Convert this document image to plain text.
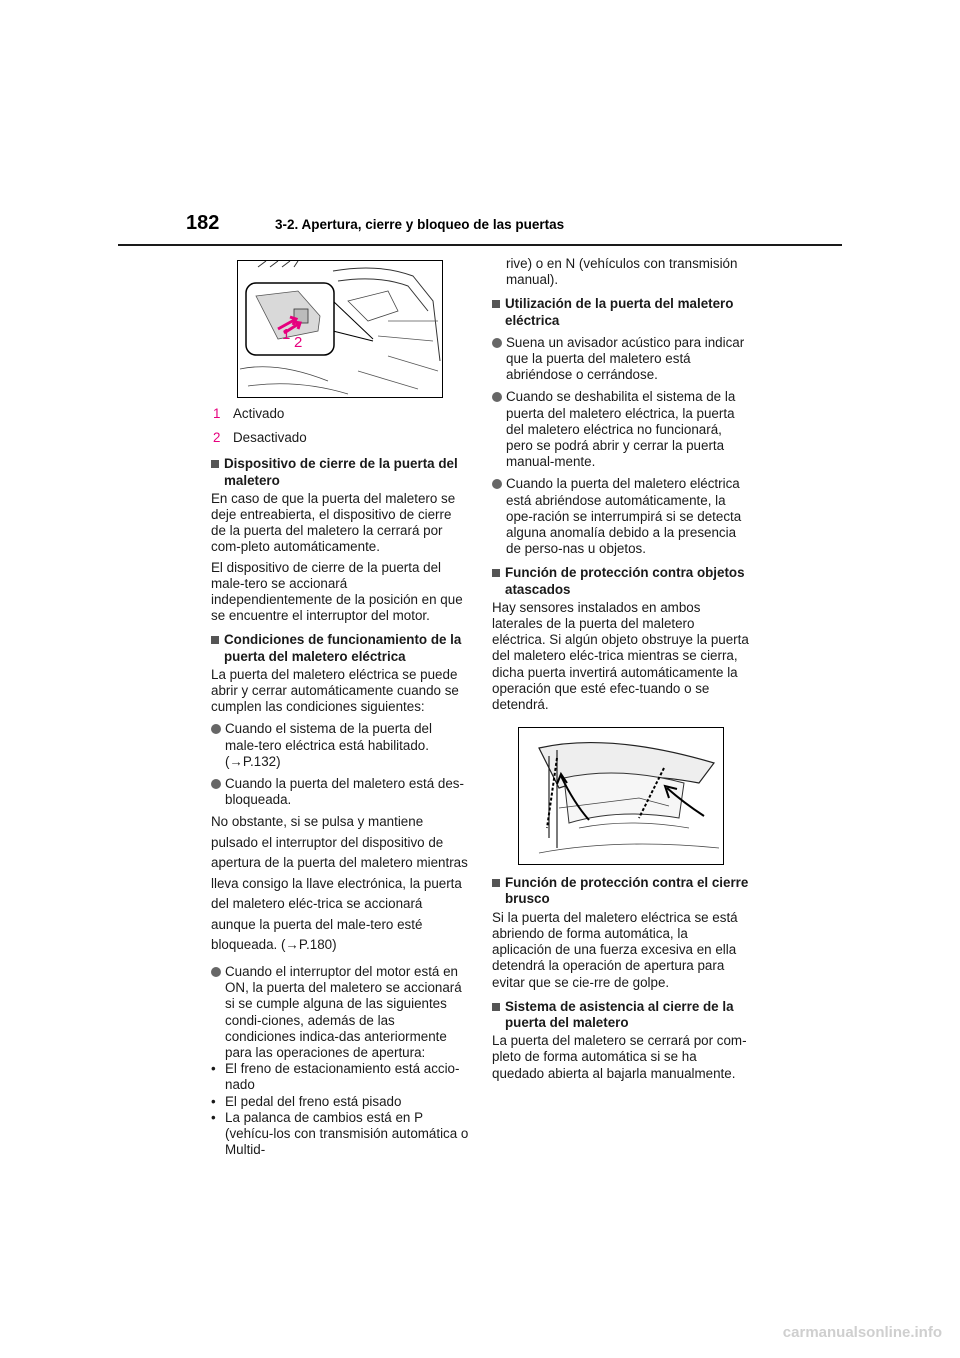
182	3-2. Apertura, cierre y bloqueo de las puertas
1 2
1 Activado
2 Desactivado
Dispositivo de cierre de la puerta del maletero
En caso de que la puerta del maletero se deje entreabierta, el dispositivo de cierre de la puerta del maletero la cerrará por com-pleto automáticamente.
El dispositivo de cierre de la puerta del male-tero se accionará independientemente de la posición en que se encuentre el interruptor del motor.
Condiciones de funcionamiento de la puerta del maletero eléctrica
La puerta del maletero eléctrica se puede abrir y cerrar automáticamente cuando se cumplen las condiciones siguientes:
Cuando el sistema de la puerta del male-tero eléctrica está habilitado. (→P.132)
Cuando la puerta del maletero está des-bloqueada.
No obstante, si se pulsa y mantiene pulsado el interruptor del dispositivo de apertura de la puerta del maletero mientras lleva consigo la llave electrónica, la puerta del maletero eléc-trica se accionará aunque la puerta del male-tero esté bloqueada. (→P.180)
Cuando el interruptor del motor está en ON, la puerta del maletero se accionará si se cumple alguna de las siguientes condi-ciones, además de las condiciones indica-das anteriormente para las operaciones de apertura:
• El freno de estacionamiento está accio-nado
• El pedal del freno está pisado
• La palanca de cambios está en P (vehícu-los con transmisión automática o Multid-
rive) o en N (vehículos con transmisión manual).
Utilización de la puerta del maletero eléctrica
Suena un avisador acústico para indicar que la puerta del maletero está abriéndose o cerrándose.
Cuando se deshabilita el sistema de la puerta del maletero eléctrica, la puerta del maletero eléctrica no funcionará, pero se podrá abrir y cerrar la puerta manual-mente.
Cuando la puerta del maletero eléctrica está abriéndose automáticamente, la ope-ración se interrumpirá si se detecta alguna anomalía debido a la presencia de perso-nas u objetos.
Función de protección contra objetos atascados
Hay sensores instalados en ambos laterales de la puerta del maletero eléctrica. Si algún objeto obstruye la puerta del maletero eléc-trica mientras se cierra, dicha puerta invertirá automáticamente la operación que esté efec-tuando o se detendrá.
Función de protección contra el cierre brusco
Si la puerta del maletero eléctrica se está abriendo de forma automática, la aplicación de una fuerza excesiva en ella detendrá la operación de apertura para evitar que se cie-rre de golpe.
Sistema de asistencia al cierre de la puerta del maletero
La puerta del maletero se cerrará por com-pleto de forma automática si se ha quedado abierta al bajarla manualmente.
carmanualsonline.info
